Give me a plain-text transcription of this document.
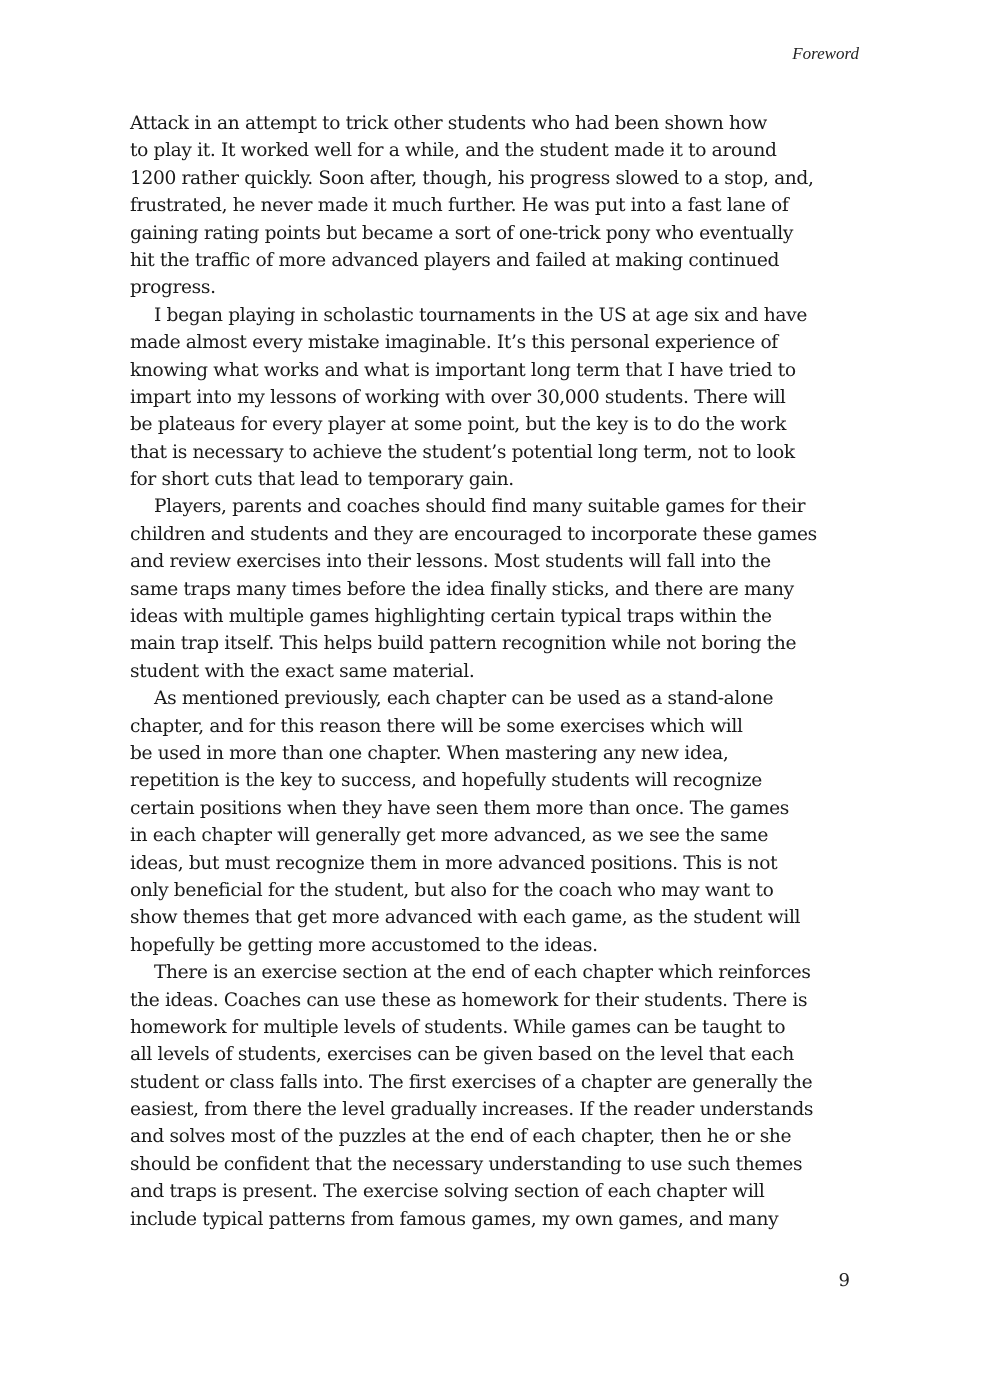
Foreword
Attack in an attempt to trick other students who had been shown how
to play it. It worked well for a while, and the student made it to around
1200 rather quickly. Soon after, though, his progress slowed to a stop, and,
frustrated, he never made it much further. He was put into a fast lane of
gaining rating points but became a sort of one-trick pony who eventually
hit the traffic of more advanced players and failed at making continued
progress.
I began playing in scholastic tournaments in the US at age six and have
made almost every mistake imaginable. It’s this personal experience of
knowing what works and what is important long term that I have tried to
impart into my lessons of working with over 30,000 students. There will
be plateaus for every player at some point, but the key is to do the work
that is necessary to achieve the student’s potential long term, not to look
for short cuts that lead to temporary gain.
Players, parents and coaches should find many suitable games for their
children and students and they are encouraged to incorporate these games
and review exercises into their lessons. Most students will fall into the
same traps many times before the idea finally sticks, and there are many
ideas with multiple games highlighting certain typical traps within the
main trap itself. This helps build pattern recognition while not boring the
student with the exact same material.
As mentioned previously, each chapter can be used as a stand-alone
chapter, and for this reason there will be some exercises which will
be used in more than one chapter. When mastering any new idea,
repetition is the key to success, and hopefully students will recognize
certain positions when they have seen them more than once. The games
in each chapter will generally get more advanced, as we see the same
ideas, but must recognize them in more advanced positions. This is not
only beneficial for the student, but also for the coach who may want to
show themes that get more advanced with each game, as the student will
hopefully be getting more accustomed to the ideas.
There is an exercise section at the end of each chapter which reinforces
the ideas. Coaches can use these as homework for their students. There is
homework for multiple levels of students. While games can be taught to
all levels of students, exercises can be given based on the level that each
student or class falls into. The first exercises of a chapter are generally the
easiest, from there the level gradually increases. If the reader understands
and solves most of the puzzles at the end of each chapter, then he or she
should be confident that the necessary understanding to use such themes
and traps is present. The exercise solving section of each chapter will
include typical patterns from famous games, my own games, and many
9
